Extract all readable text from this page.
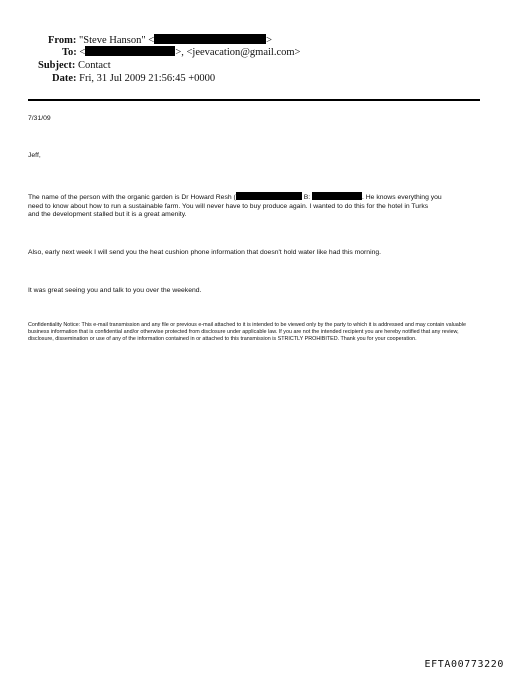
From: "Steve Hanson" <	>
To: <	>, <jeevacation@gmail.com>
Subject: Contact
Date: Fri, 31 Jul 2009 21:56:45 +0000
7/31/09
Jeff,
The name of the person with the organic garden is Dr Howard Resh (	B:	. He knows everything you
need to know about how to run a sustainable farm. You will never have to buy produce again. I wanted to do this for the hotel in Turks
and the development stalled but it is a great amenity.
Also, early next week I will send you the heat cushion phone information that doesn't hold water like had this morning.
It was great seeing you and talk to you over the weekend.
Confidentiality Notice: This e-mail transmission and any file or previous e-mail attached to it is intended to be viewed only by the party to which it is addressed and may contain valuable business information that is confidential and/or otherwise protected from disclosure under applicable law. If you are not the intended recipient you are hereby notified that any review, disclosure, dissemination or use of any of the information contained in or attached to this transmission is STRICTLY PROHIBITED. Thank you for your cooperation.
EFTA00773220
